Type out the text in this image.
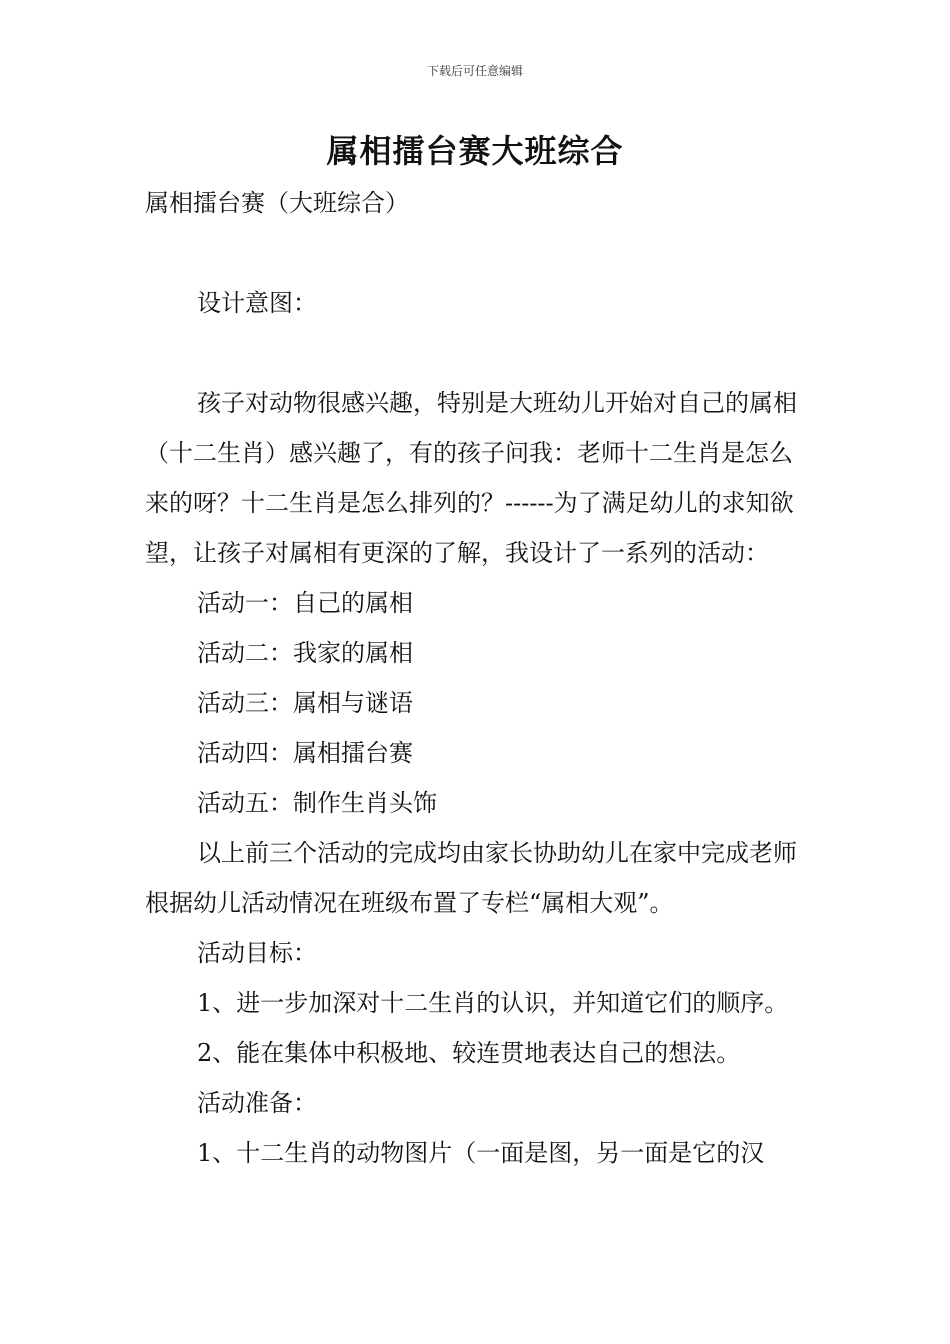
下载后可任意编辑
属相擂台赛大班综合

属相擂台赛（大班综合）

设计意图：

孩子对动物很感兴趣，特别是大班幼儿开始对自己的属相（十二生肖）感兴趣了，有的孩子问我：老师十二生肖是怎么来的呀？十二生肖是怎么排列的？------为了满足幼儿的求知欲望，让孩子对属相有更深的了解，我设计了一系列的活动：

活动一：自己的属相

活动二：我家的属相

活动三：属相与谜语

活动四：属相擂台赛

活动五：制作生肖头饰

以上前三个活动的完成均由家长协助幼儿在家中完成老师根据幼儿活动情况在班级布置了专栏“属相大观”。

活动目标：

1、进一步加深对十二生肖的认识，并知道它们的顺序。

2、能在集体中积极地、较连贯地表达自己的想法。

活动准备：

1、十二生肖的动物图片（一面是图，另一面是它的汉
